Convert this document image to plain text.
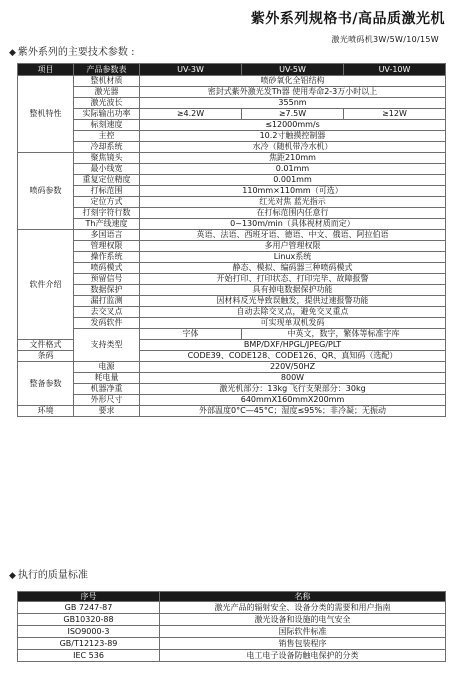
紫外系列规格书/高品质激光机
激光喷码机3W/5W/10/15W
◆ 紫外系列的主要技术参数 :
项目	产品参数表	UV-3W	UV-5W	UV-10W
整机特性	整机材质	喷砂氧化全铝结构		
	激光器	密封式紫外激光发Th器 使用寿命2-3万小时以上		
	激光波长	355nm		
	实际输出功率	≥4.2W	≥7.5W	≥12W
	标刻速度	≤12000mm/s		
	主控	10.2寸触摸控制器		
	冷却系统	水冷（随机带冷水机）		
喷码参数	聚焦镜头	焦距210mm		
	最小线宽	0.01mm		
	重复定位精度	0.001mm		
	打标范围	110mm×110mm（可选）		
	定位方式	红光对焦 蓝光指示		
	打刻字符行数	在打标范围内任意行		
	Th产线速度	0~130m/min（具体视材质而定）		
软件介绍	多国语言	英语、法语、西班牙语、德语、中文、俄语、阿拉伯语		
	管理权限	多用户管理权限		
	操作系统	Linux系统		
	喷码模式	静态、模拟、编码器三种喷码模式		
	预留信号	开始打印、打印状态、打印完毕、故障报警		
	数据保护	具有掉电数据保护功能		
	漏打监测	因材料反光导致误触发，提供过速报警功能		
	去交叉点	自动去除交叉点，避免交叉重点		
	发码软件	可实现单双机发码		
	支持类型	字体	中英文，数字，繁体等标准字库	
文件格式		BMP/DXF/HPGL/JPEG/PLT		
条码		CODE39、CODE128、CODE126、QR、真知码（选配）		
整备参数	电源	220V/50HZ		
	耗电量	800W		
	机器净重	激光机部分：13kg 飞行支架部分：30kg		
	外形尺寸	640mmX160mmX200mm		
环境	要求	外部温度0°C—45°C；湿度≤95%；非冷凝；无振动		
◆ 执行的质量标准
序号	名称
GB 7247-87	激光产品的辐射安全、设备分类的需要和用户指南
GB10320-88	激光设备和设施的电气安全
ISO9000-3	国际软件标准
GB/T12123-89	销售包装程序
IEC 536	电工电子设备防触电保护的分类
